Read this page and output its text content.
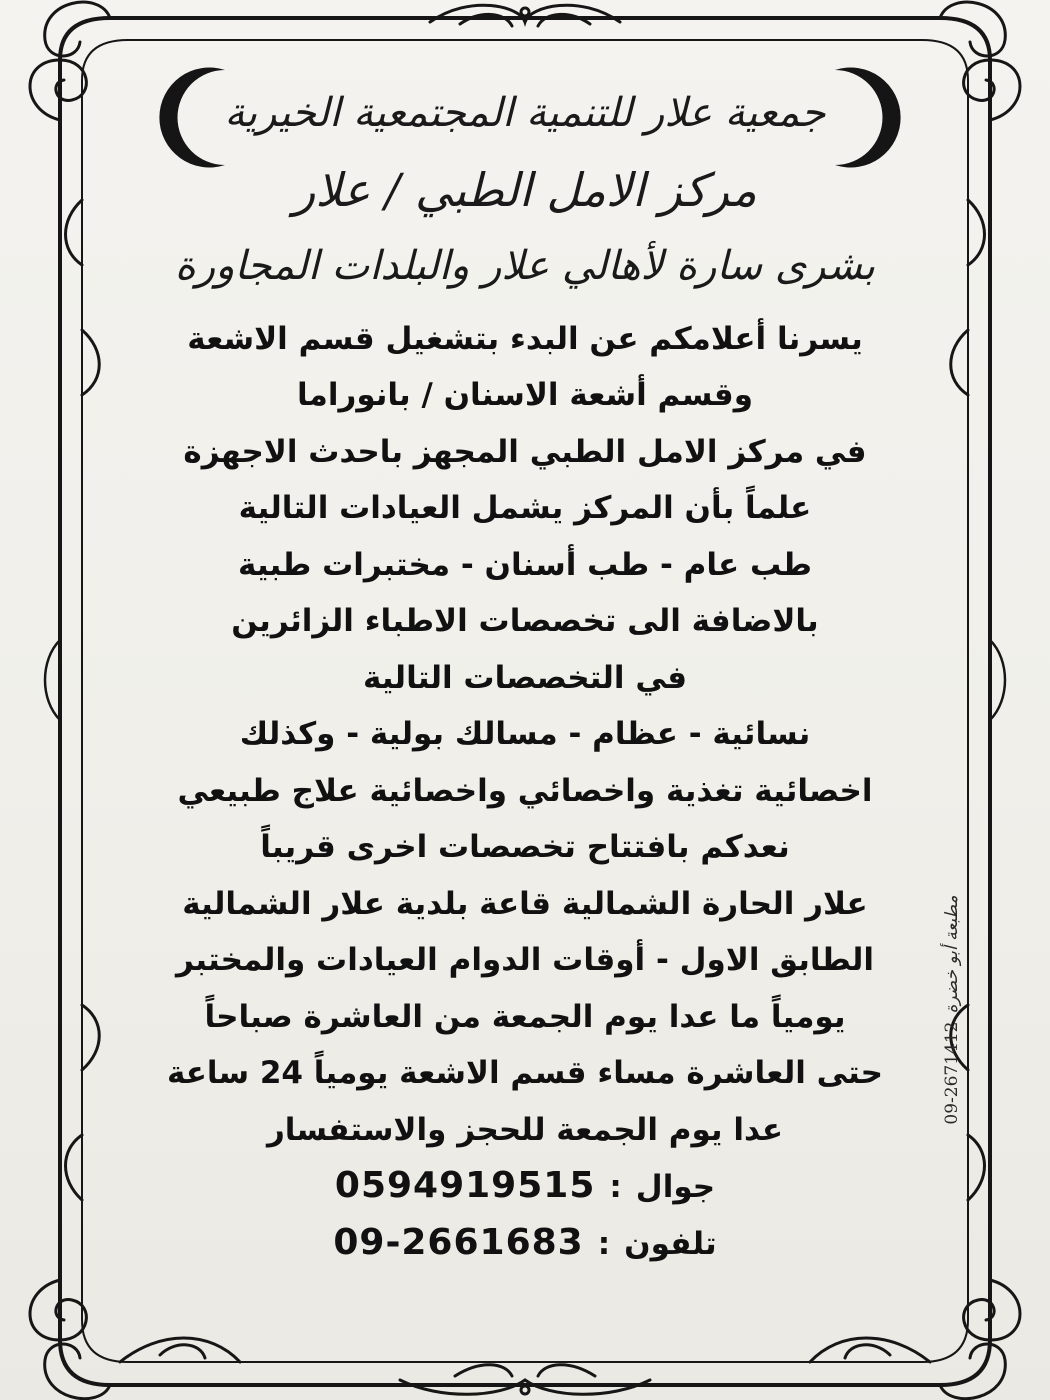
جمعية علار للتنمية المجتمعية الخيرية

مركز الامل الطبي / علار

بشرى سارة لأهالي علار والبلدات المجاورة

يسرنا أعلامكم عن البدء بتشغيل قسم الاشعة

وقسم أشعة الاسنان / بانوراما

في مركز الامل الطبي المجهز باحدث الاجهزة

علماً بأن المركز يشمل العيادات التالية

طب عام - طب أسنان - مختبرات طبية

بالاضافة الى تخصصات الاطباء الزائرين

في التخصصات التالية

نسائية - عظام - مسالك بولية - وكذلك

اخصائية تغذية واخصائي واخصائية علاج طبيعي

نعدكم بافتتاح تخصصات اخرى قريباً

علار الحارة الشمالية قاعة بلدية علار الشمالية

الطابق الاول - أوقات الدوام العيادات والمختبر

يومياً ما عدا يوم الجمعة من العاشرة صباحاً

حتى العاشرة مساء قسم الاشعة يومياً 24 ساعة

عدا يوم الجمعة للحجز والاستفسار

جوال
:
0594919515

تلفون
:
09-2661683

09-2671412
مطبعة أبو خضرة
